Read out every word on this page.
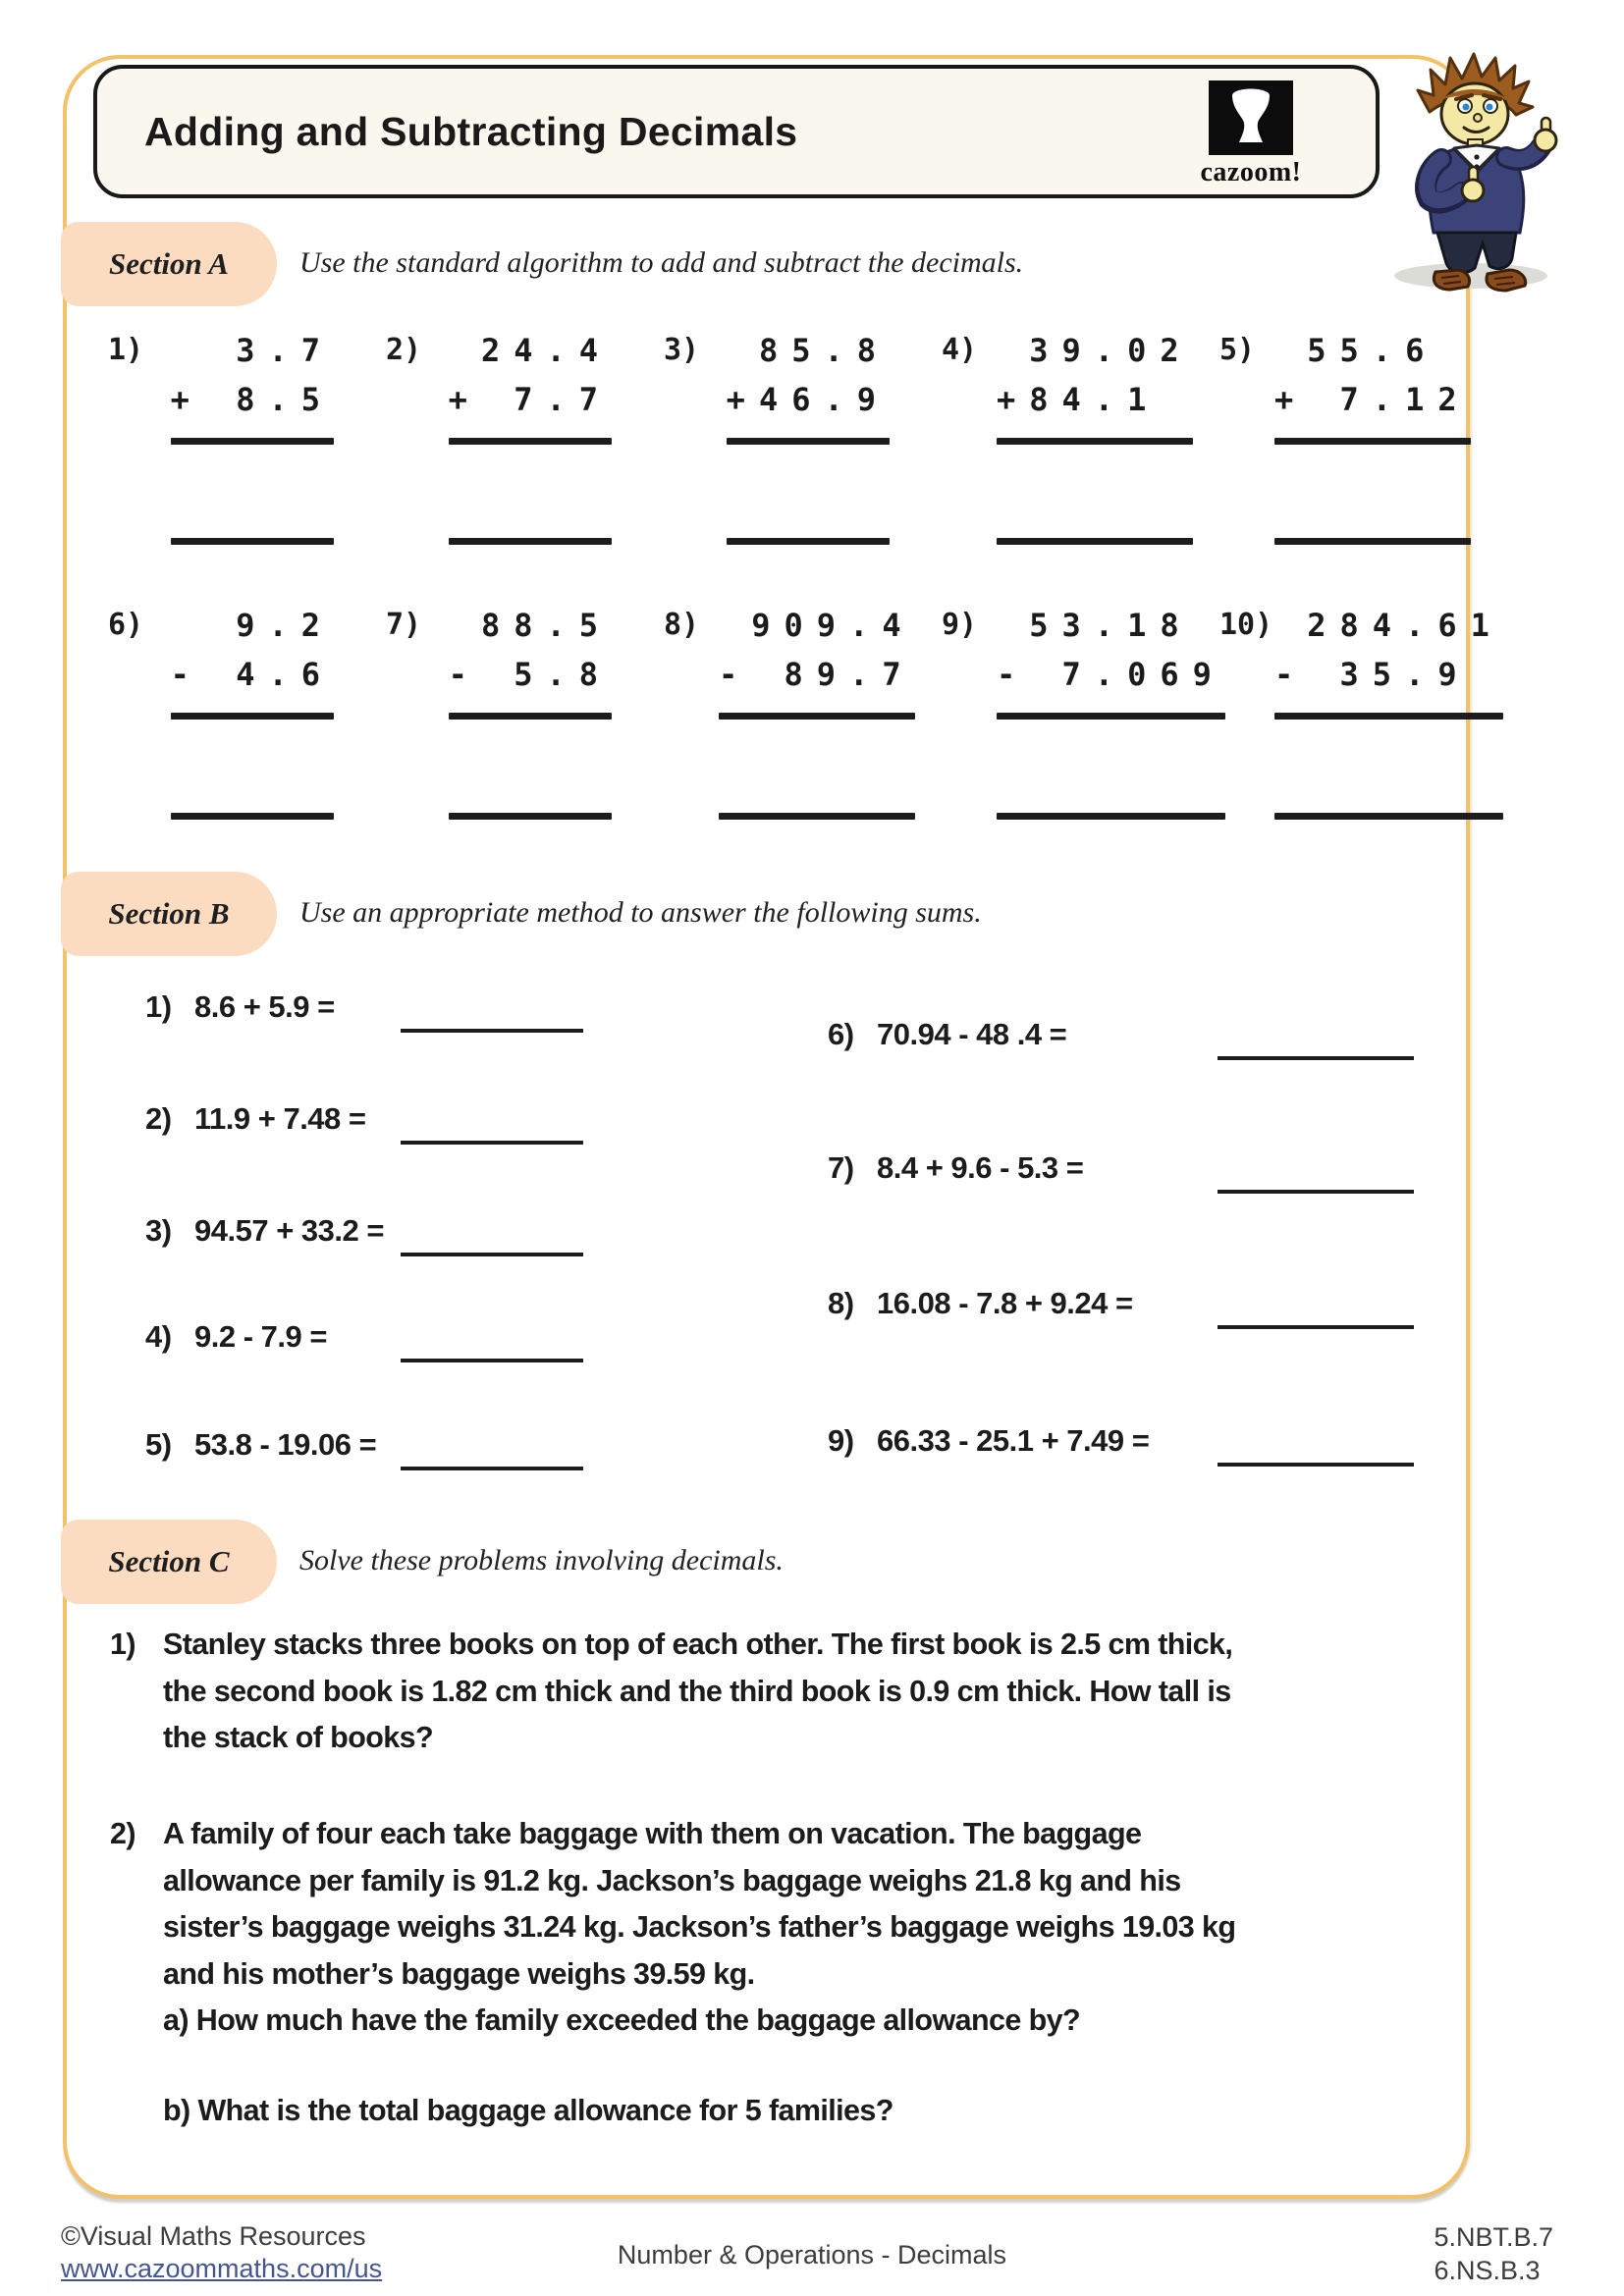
Adding and Subtracting Decimals
cazoom!
Section A	Use the standard algorithm to add and subtract the decimals.
1)	3.7
+ 8.5
2)	24.4
+ 7.7
3)	85.8
+46.9
4)	39.02
+84.1
5)	55.6
+ 7.12
6)	9.2
- 4.6
7)	88.5
- 5.8
8)	909.4
- 89.7
9)	53.18
- 7.069
10)	284.61
- 35.9
Section B	Use an appropriate method to answer the following sums.
1) 8.6 + 5.9 =
2) 11.9 + 7.48 =
3) 94.57 + 33.2 =
4) 9.2 - 7.9 =
5) 53.8 - 19.06 =
6) 70.94 - 48 .4 =
7) 8.4 + 9.6 - 5.3 =
8) 16.08 - 7.8 + 9.24 =
9) 66.33 - 25.1 + 7.49 =
Section C	Solve these problems involving decimals.
1) Stanley stacks three books on top of each other. The first book is 2.5 cm thick,
the second book is 1.82 cm thick and the third book is 0.9 cm thick. How tall is
the stack of books?
2) A family of four each take baggage with them on vacation. The baggage
allowance per family is 91.2 kg. Jackson’s baggage weighs 21.8 kg and his
sister’s baggage weighs 31.24 kg. Jackson’s father’s baggage weighs 19.03 kg
and his mother’s baggage weighs 39.59 kg.
a) How much have the family exceeded the baggage allowance by?
b) What is the total baggage allowance for 5 families?
©Visual Maths Resources
www.cazoommaths.com/us	Number & Operations - Decimals
5.NBT.B.7
6.NS.B.3
